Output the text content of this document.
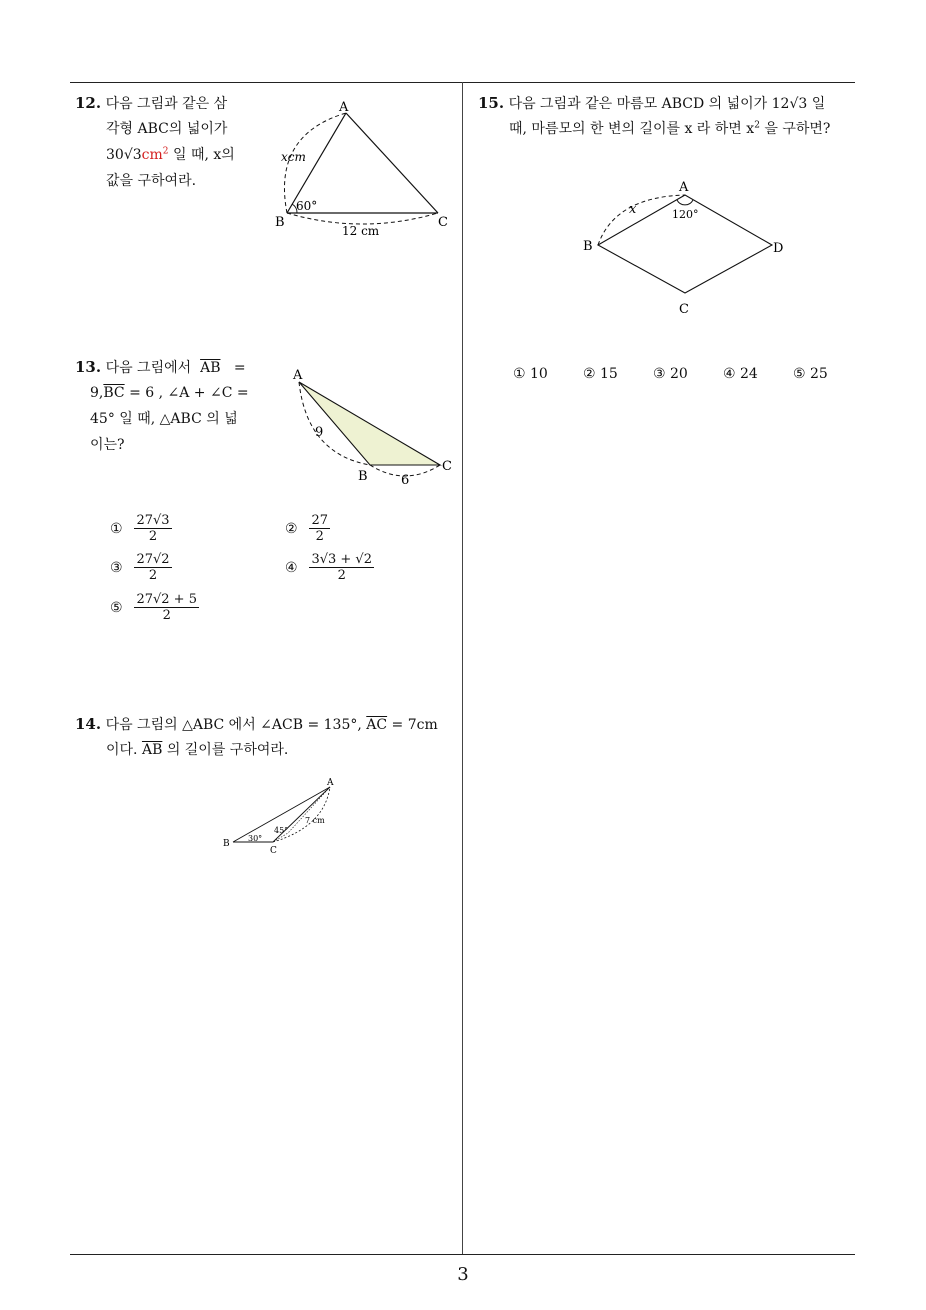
3
12. 다음 그림과 같은 삼
각형 ABC의 넓이가
$30√3cm^2$ 일 때, x의
값을 구하여라.
A
B	C
xcm
60°
12 cm
13. 다음 그림에서 $\overline{AB}$ =
$9,\overline{BC} = 6$ , ∠A + ∠C =
45° 일 때, △ABC 의 넓
이는?
A
B
C
9
6
① $\frac{27√3}{2}$	② $\frac{27}{2}$
③ $\frac{27√2}{2}$	④ $\frac{3√3 + √2}{2}$
⑤ $\frac{27√2 + 5}{2}$
14. 다음 그림의 △ABC 에서 ∠ACB = 135°, $\overline{AC} = 7cm$
이다. $\overline{AB}$ 의 길이를 구하여라.
A
B
C
30°
45°
7 cm
15. 다음 그림과 같은 마름모 ABCD 의 넓이가 12√3 일
때, 마름모의 한 변의 길이를 x 라 하면 $x^2$ 을 구하면?
A
B
C
D
x	120°
① 10	② 15	③ 20	④ 24	⑤ 25
